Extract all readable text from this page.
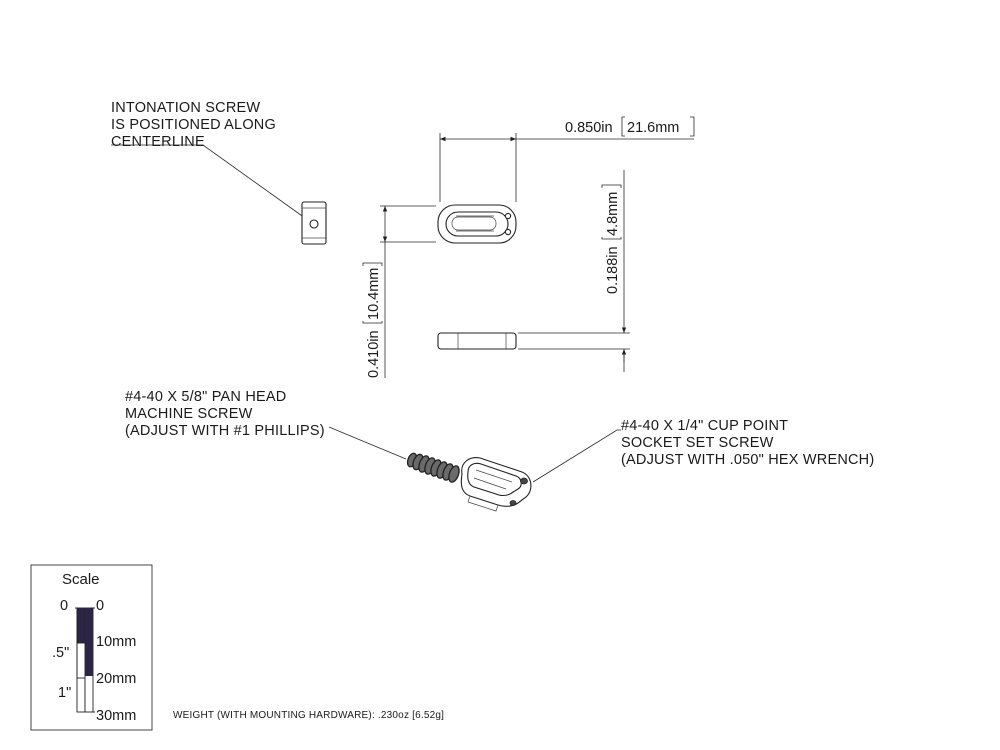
INTONATION SCREW
IS POSITIONED ALONG
CENTERLINE
0.850in 21.6mm
0.410in
10.4mm	0.188in
4.8mm
#4-40 X 5/8" PAN HEAD
MACHINE SCREW
(ADJUST WITH #1 PHILLIPS)	#4-40 X 1/4" CUP POINT
SOCKET SET SCREW
(ADJUST WITH .050" HEX WRENCH)
Scale
0
.5"
1"
0
10mm
20mm
30mm	WEIGHT (WITH MOUNTING HARDWARE): .230oz [6.52g]
